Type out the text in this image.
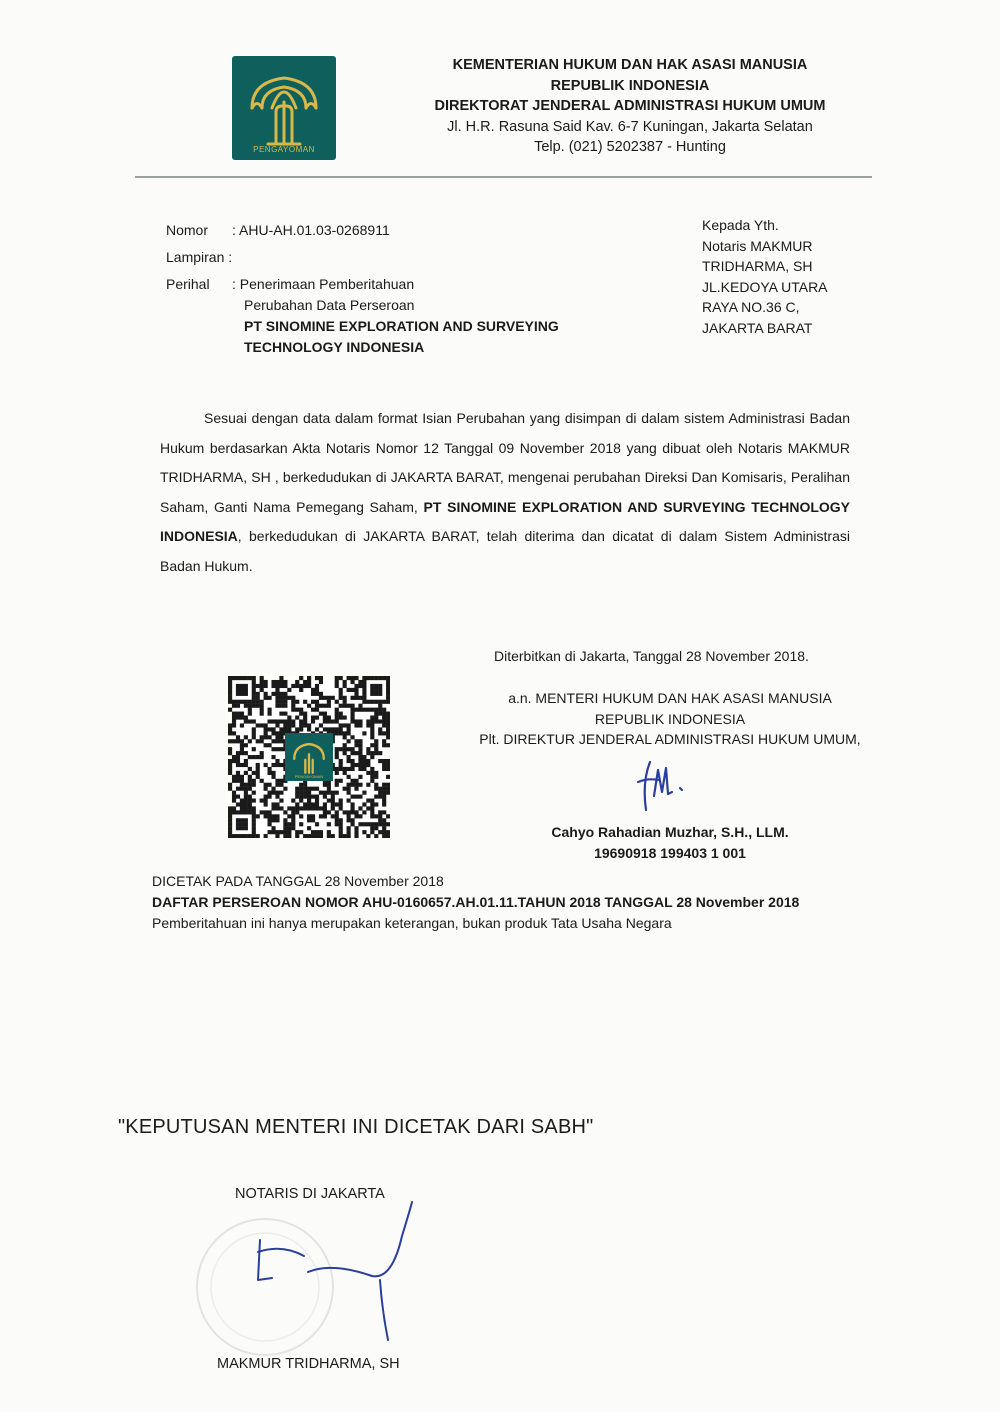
PENGAYOMAN
KEMENTERIAN HUKUM DAN HAK ASASI MANUSIA
REPUBLIK INDONESIA
DIREKTORAT JENDERAL ADMINISTRASI HUKUM UMUM
Jl. H.R. Rasuna Said Kav. 6-7 Kuningan, Jakarta Selatan
Telp. (021) 5202387 - Hunting
Nomor : AHU-AH.01.03-0268911
Lampiran :
Perihal : Penerimaan Pemberitahuan
Perubahan Data Perseroan
PT SINOMINE EXPLORATION AND SURVEYING
TECHNOLOGY INDONESIA
Kepada Yth.
Notaris MAKMUR
TRIDHARMA, SH
JL.KEDOYA UTARA
RAYA NO.36 C,
JAKARTA BARAT
Sesuai dengan data dalam format Isian Perubahan yang disimpan di dalam sistem Administrasi Badan Hukum berdasarkan Akta Notaris Nomor 12 Tanggal 09 November 2018 yang dibuat oleh Notaris MAKMUR TRIDHARMA, SH , berkedudukan di JAKARTA BARAT, mengenai perubahan Direksi Dan Komisaris, Peralihan Saham, Ganti Nama Pemegang Saham, PT SINOMINE EXPLORATION AND SURVEYING TECHNOLOGY INDONESIA, berkedudukan di JAKARTA BARAT, telah diterima dan dicatat di dalam Sistem Administrasi Badan Hukum.
Diterbitkan di Jakarta, Tanggal 28 November 2018.
a.n. MENTERI HUKUM DAN HAK ASASI MANUSIA
REPUBLIK INDONESIA
Plt. DIREKTUR JENDERAL ADMINISTRASI HUKUM UMUM,
Cahyo Rahadian Muzhar, S.H., LLM.
19690918 199403 1 001
PENGAYOMAN
DICETAK PADA TANGGAL 28 November 2018
DAFTAR PERSEROAN NOMOR AHU-0160657.AH.01.11.TAHUN 2018 TANGGAL 28 November 2018
Pemberitahuan ini hanya merupakan keterangan, bukan produk Tata Usaha Negara
"KEPUTUSAN MENTERI INI DICETAK DARI SABH"
NOTARIS DI JAKARTA
MAKMUR TRIDHARMA, SH
